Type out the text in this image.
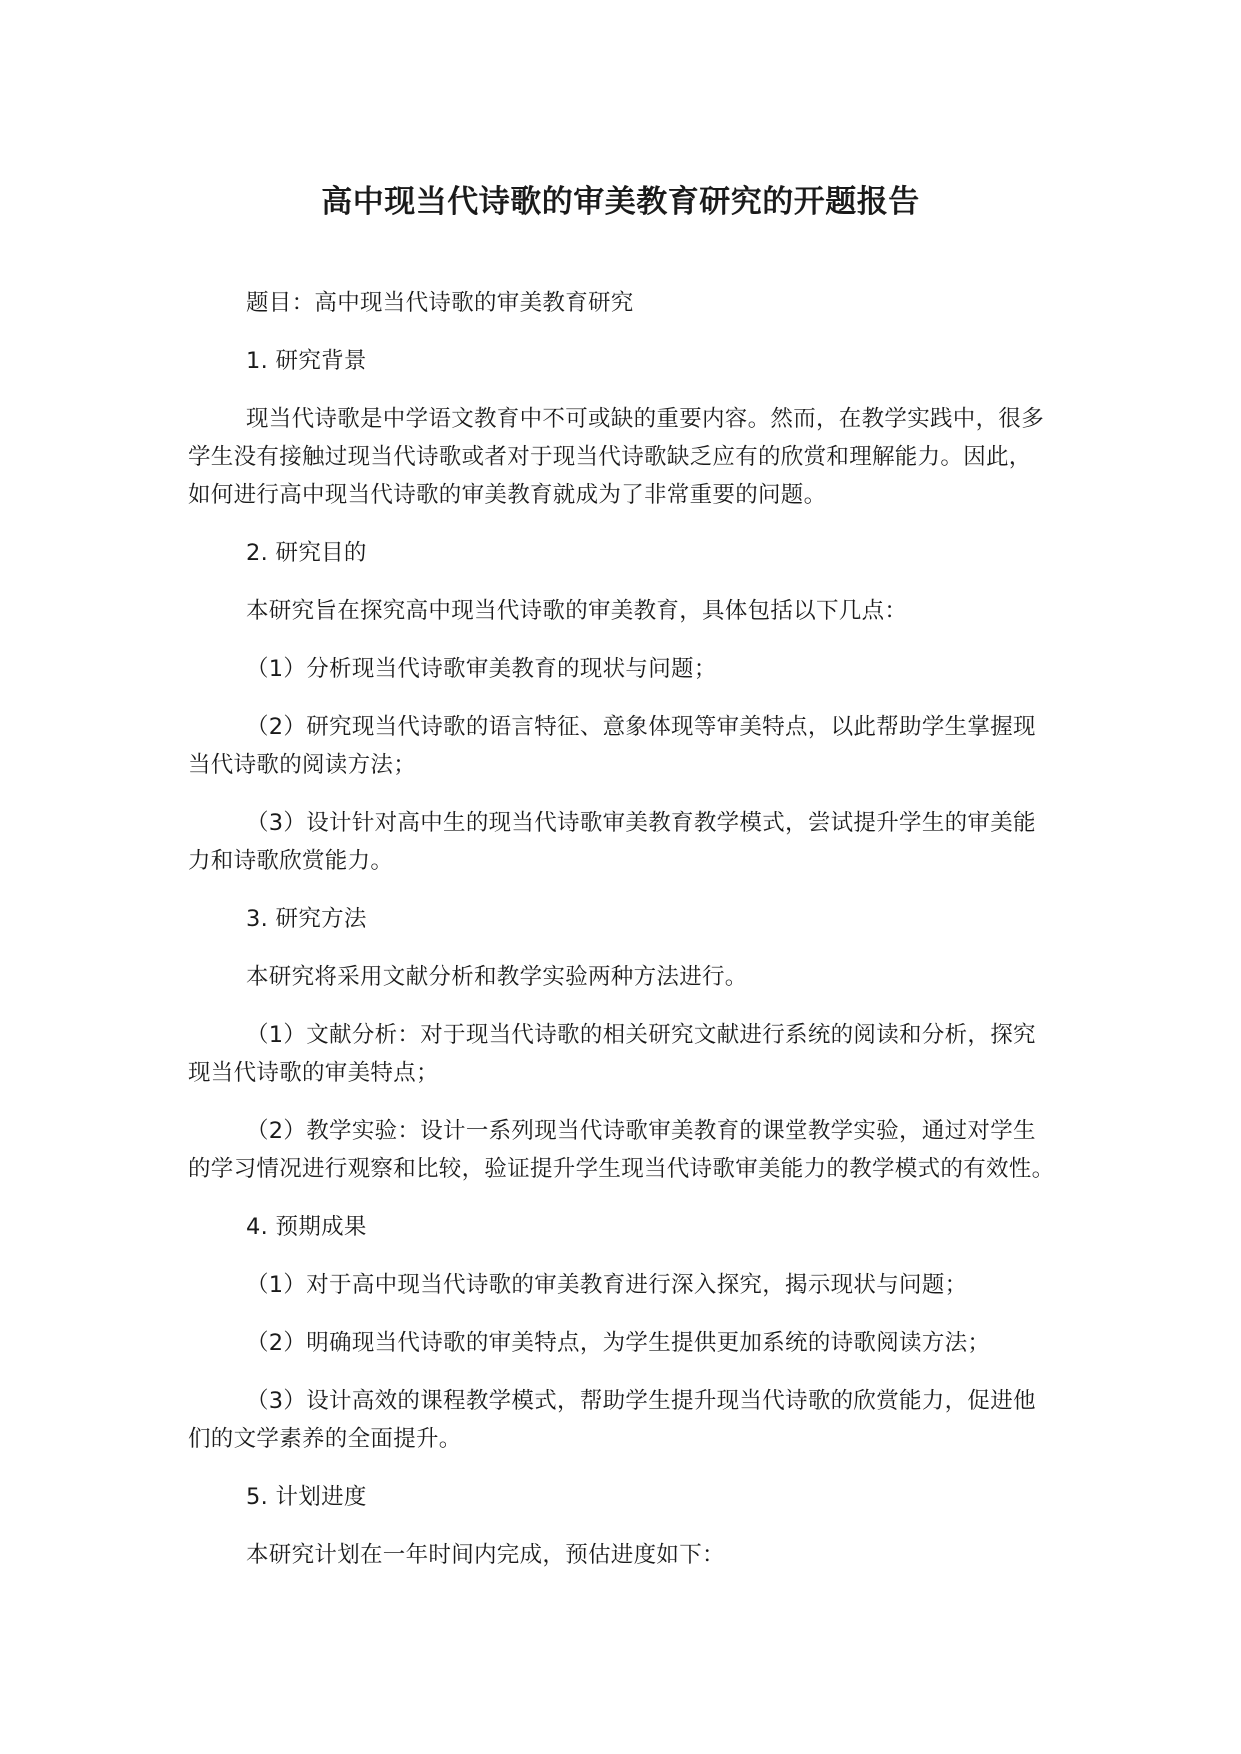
高中现当代诗歌的审美教育研究的开题报告
题目：高中现当代诗歌的审美教育研究
1. 研究背景
现当代诗歌是中学语文教育中不可或缺的重要内容。然而，在教学实践中，很多
学生没有接触过现当代诗歌或者对于现当代诗歌缺乏应有的欣赏和理解能力。因此，
如何进行高中现当代诗歌的审美教育就成为了非常重要的问题。
2. 研究目的
本研究旨在探究高中现当代诗歌的审美教育，具体包括以下几点：
（1）分析现当代诗歌审美教育的现状与问题；
（2）研究现当代诗歌的语言特征、意象体现等审美特点，以此帮助学生掌握现
当代诗歌的阅读方法；
（3）设计针对高中生的现当代诗歌审美教育教学模式，尝试提升学生的审美能
力和诗歌欣赏能力。
3. 研究方法
本研究将采用文献分析和教学实验两种方法进行。
（1）文献分析：对于现当代诗歌的相关研究文献进行系统的阅读和分析，探究
现当代诗歌的审美特点；
（2）教学实验：设计一系列现当代诗歌审美教育的课堂教学实验，通过对学生
的学习情况进行观察和比较，验证提升学生现当代诗歌审美能力的教学模式的有效性。
4. 预期成果
（1）对于高中现当代诗歌的审美教育进行深入探究，揭示现状与问题；
（2）明确现当代诗歌的审美特点，为学生提供更加系统的诗歌阅读方法；
（3）设计高效的课程教学模式，帮助学生提升现当代诗歌的欣赏能力，促进他
们的文学素养的全面提升。
5. 计划进度
本研究计划在一年时间内完成，预估进度如下：
